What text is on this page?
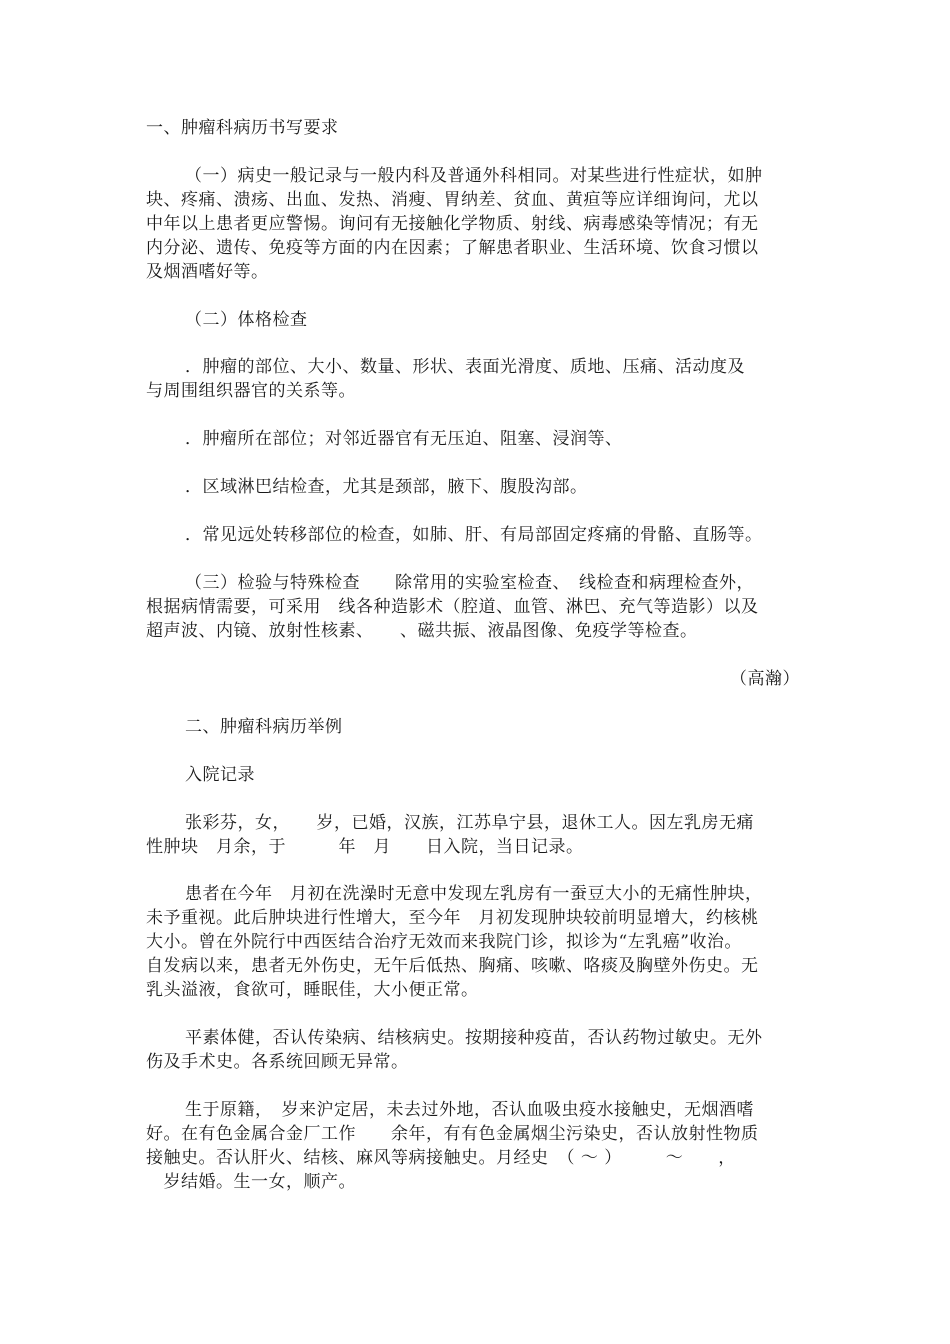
一、肿瘤科病历书写要求
（一）病史一般记录与一般内科及普通外科相同。对某些进行性症状，如肿
块、疼痛、溃疡、出血、发热、消瘦、胃纳差、贫血、黄疸等应详细询问，尤以
中年以上患者更应警惕。询问有无接触化学物质、射线、病毒感染等情况；有无
内分泌、遗传、免疫等方面的内在因素；了解患者职业、生活环境、饮食习惯以
及烟酒嗜好等。
（二）体格检查
．肿瘤的部位、大小、数量、形状、表面光滑度、质地、压痛、活动度及
与周围组织器官的关系等。
．肿瘤所在部位；对邻近器官有无压迫、阻塞、浸润等、
．区域淋巴结检查，尤其是颈部，腋下、腹股沟部。
．常见远处转移部位的检查，如肺、肝、有局部固定疼痛的骨骼、直肠等。
（三）检验与特殊检查　　除常用的实验室检查、　线检查和病理检查外，
根据病情需要，可采用　线各种造影术（腔道、血管、淋巴、充气等造影）以及
超声波、内镜、放射性核素、　　、磁共振、液晶图像、免疫学等检查。
（高瀚）
二、肿瘤科病历举例
入院记录
张彩芬，女，　　岁，已婚，汉族，江苏阜宁县，退休工人。因左乳房无痛
性肿块　月余，于　　　年　月　　日入院，当日记录。
患者在今年　月初在洗澡时无意中发现左乳房有一蚕豆大小的无痛性肿块，
未予重视。此后肿块进行性增大，至今年　月初发现肿块较前明显增大，约核桃
大小。曾在外院行中西医结合治疗无效而来我院门诊，拟诊为“左乳癌”收治。
自发病以来，患者无外伤史，无午后低热、胸痛、咳嗽、咯痰及胸壁外伤史。无
乳头溢液，食欲可，睡眠佳，大小便正常。
平素体健，否认传染病、结核病史。按期接种疫苗，否认药物过敏史。无外
伤及手术史。各系统回顾无异常。
生于原籍，　岁来沪定居，未去过外地，否认血吸虫疫水接触史，无烟酒嗜
好。在有色金属合金厂工作　　余年，有有色金属烟尘污染史，否认放射性物质
接触史。否认肝火、结核、麻风等病接触史。月经史　（ ～ ）　　　～　　，
　岁结婚。生一女，顺产。
